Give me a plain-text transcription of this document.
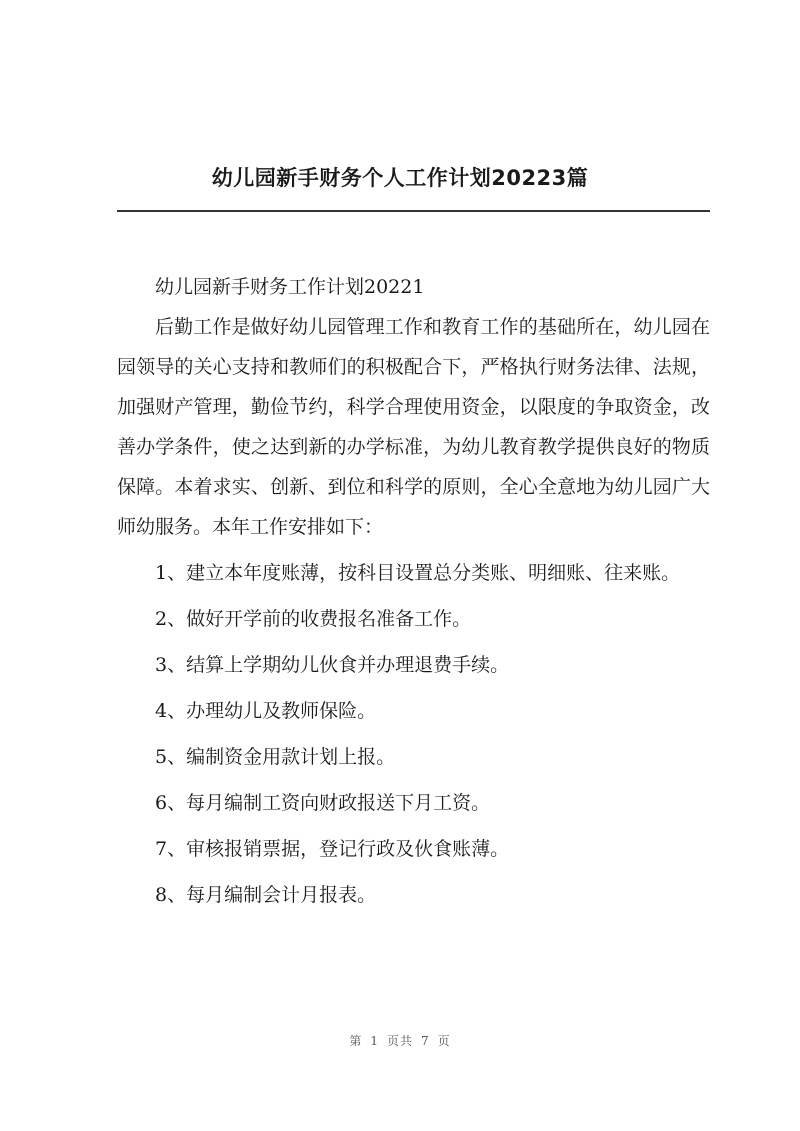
幼儿园新手财务个人工作计划20223篇

幼儿园新手财务工作计划20221

后勤工作是做好幼儿园管理工作和教育工作的基础所在，幼儿园在园领导的关心支持和教师们的积极配合下，严格执行财务法律、法规，加强财产管理，勤俭节约，科学合理使用资金，以限度的争取资金，改善办学条件，使之达到新的办学标准，为幼儿教育教学提供良好的物质保障。本着求实、创新、到位和科学的原则，全心全意地为幼儿园广大师幼服务。本年工作安排如下：

1、建立本年度账薄，按科目设置总分类账、明细账、往来账。

2、做好开学前的收费报名准备工作。

3、结算上学期幼儿伙食并办理退费手续。

4、办理幼儿及教师保险。

5、编制资金用款计划上报。

6、每月编制工资向财政报送下月工资。

7、审核报销票据，登记行政及伙食账薄。

8、每月编制会计月报表。

第 1 页共 7 页
